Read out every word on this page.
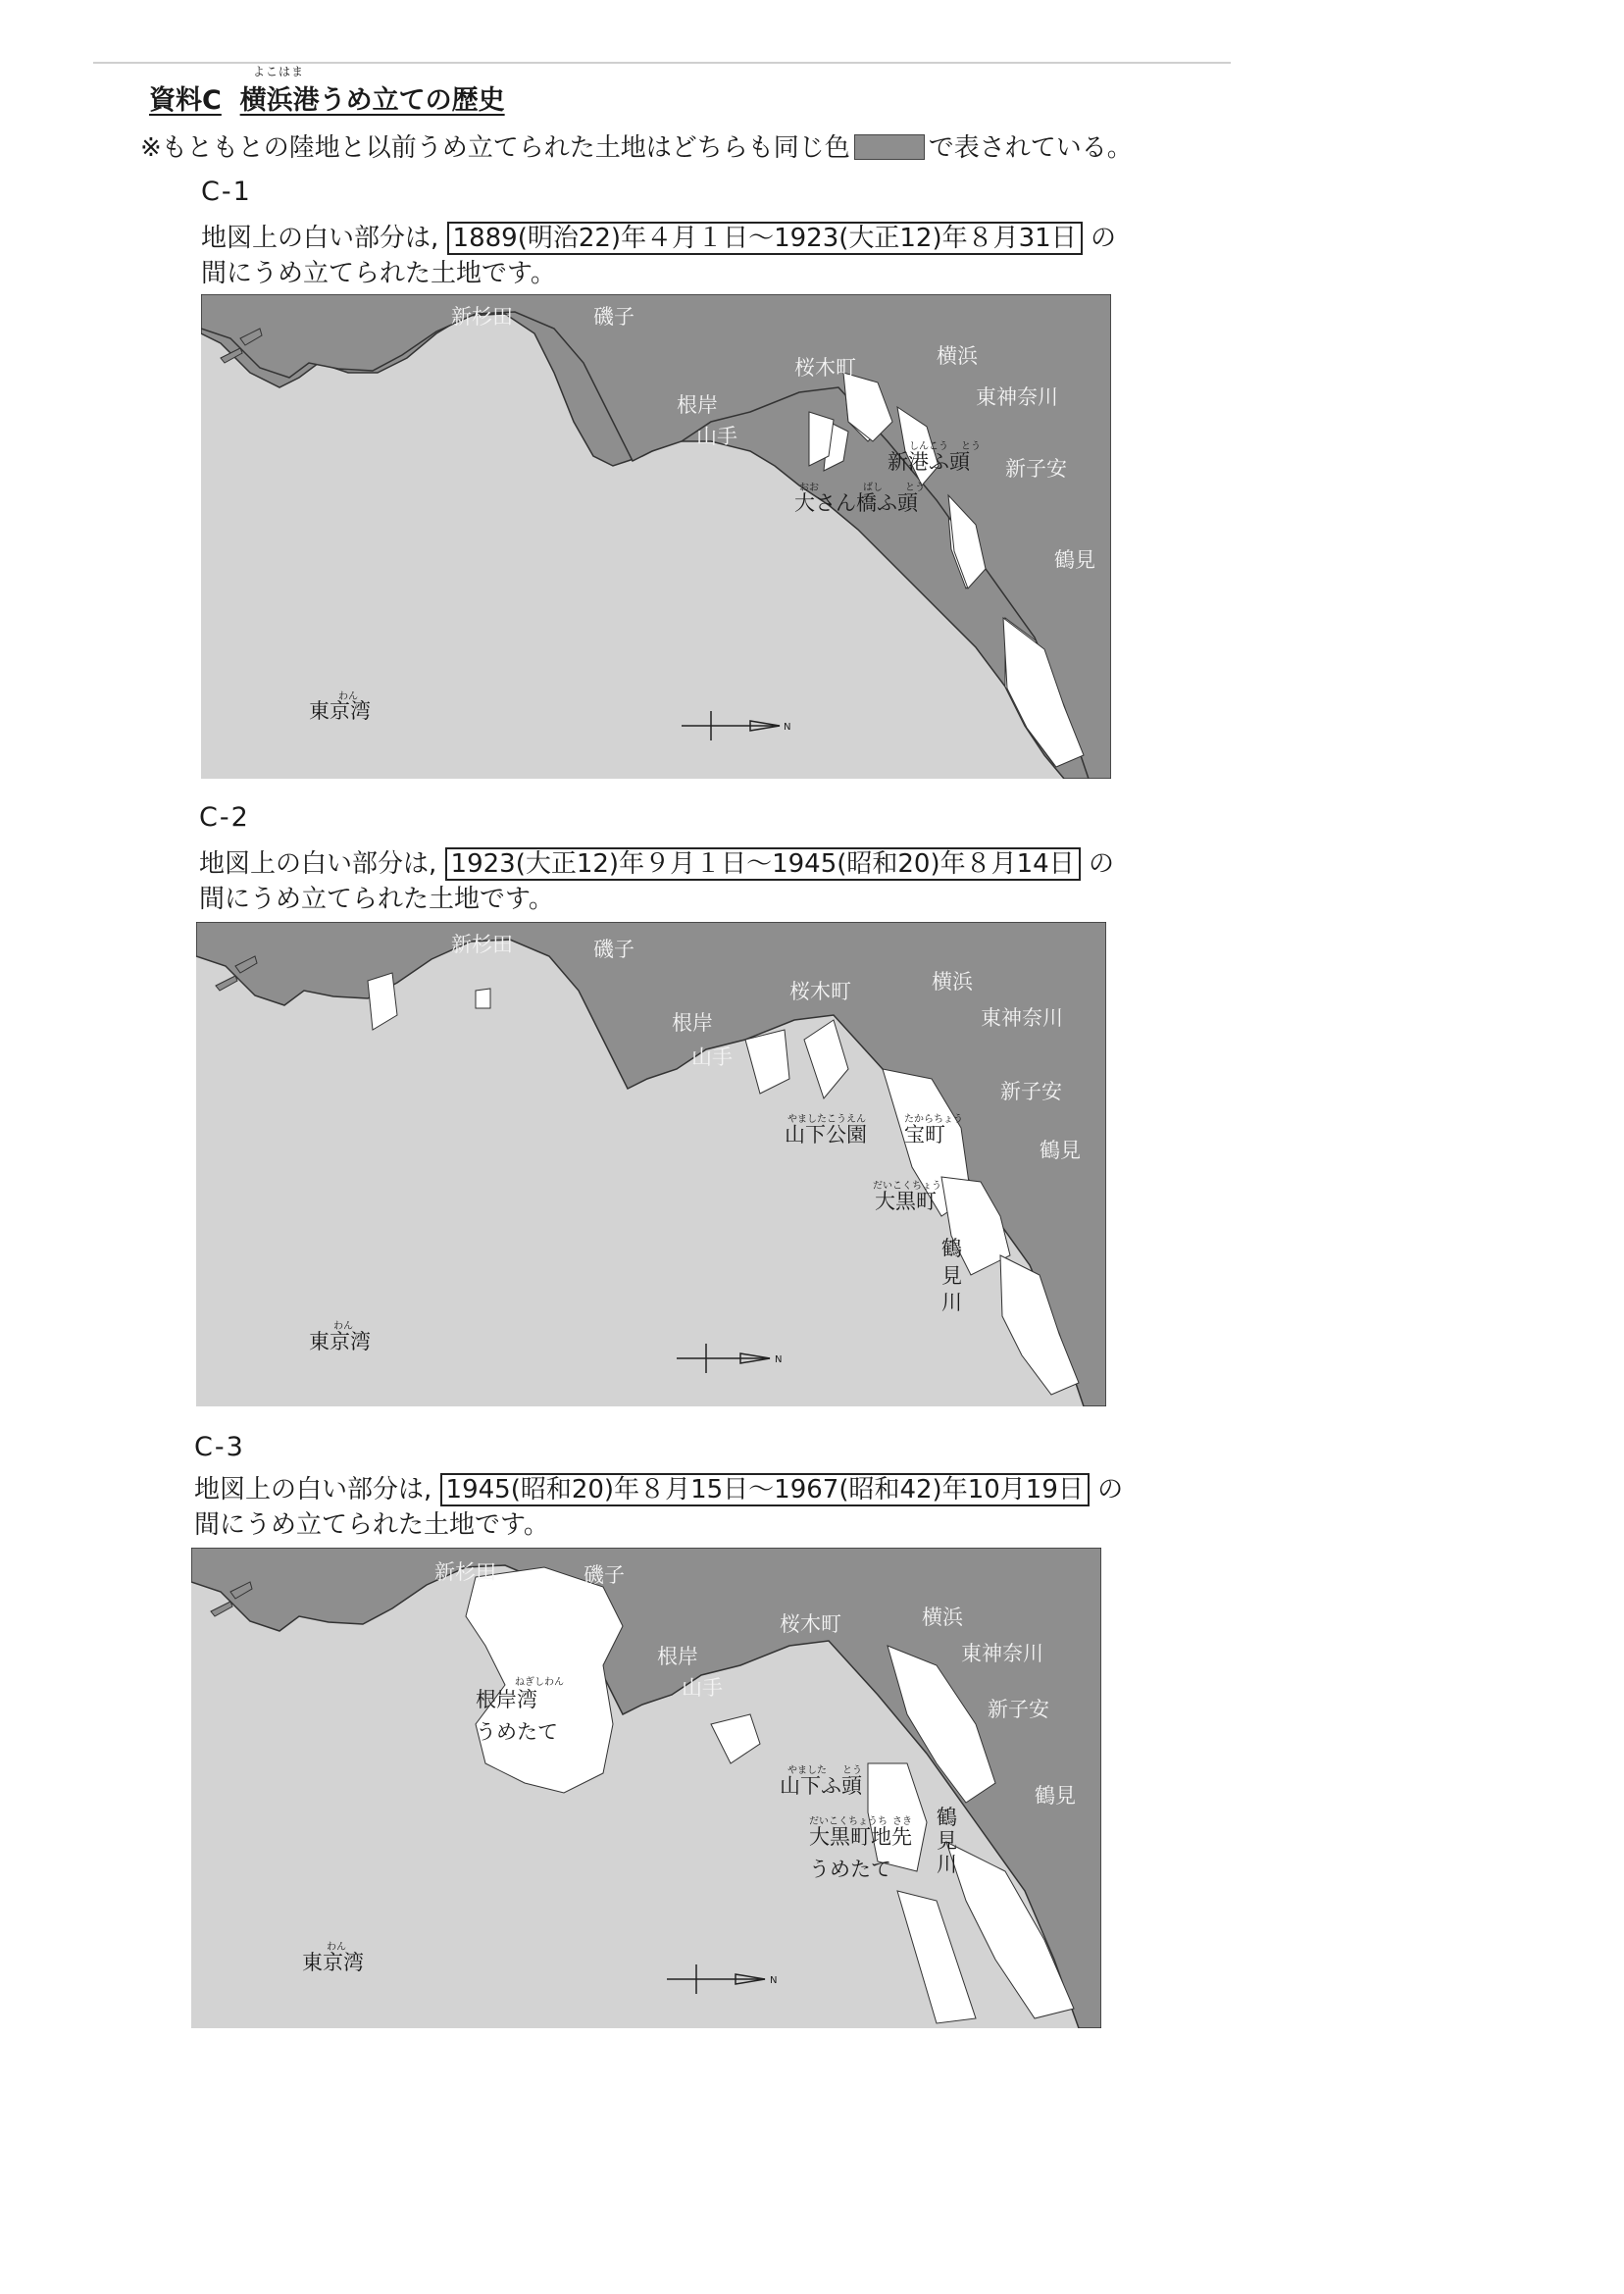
よこはま
資料C 横浜港うめ立ての歴史
※もともとの陸地と以前うめ立てられた土地はどちらも同じ色	で表されている。
C-1
地図上の白い部分は, 1889(明治22)年４月１日～1923(大正12)年８月31日 の
間にうめ立てられた土地です。
新杉田	磯子
桜木町	横浜
東神奈川
根岸
山手	しんこう とう
新港ふ頭
おお	ばし とう
大さん橋ふ頭
新子安
鶴見
わん
東京湾
N
C-2
地図上の白い部分は, 1923(大正12)年９月１日～1945(昭和20)年８月14日 の
間にうめ立てられた土地です。
新杉田	磯子
桜木町	横浜
東神奈川
根岸
山手
新子安
やましたこうえん
山下公園
たからちょう
宝町
鶴見
だいこくちょう
大黒町
鶴
見
川
わん
東京湾
N
C-3
地図上の白い部分は, 1945(昭和20)年８月15日～1967(昭和42)年10月19日 の
間にうめ立てられた土地です。
新杉田	磯子
桜木町	横浜
東神奈川
根岸
山手
ねぎしわん
根岸湾
うめたて
新子安
鶴見
やました とう
山下ふ頭
だいこくちょうち さき
大黒町地先
うめたて
鶴
見
川
わん
東京湾
N
